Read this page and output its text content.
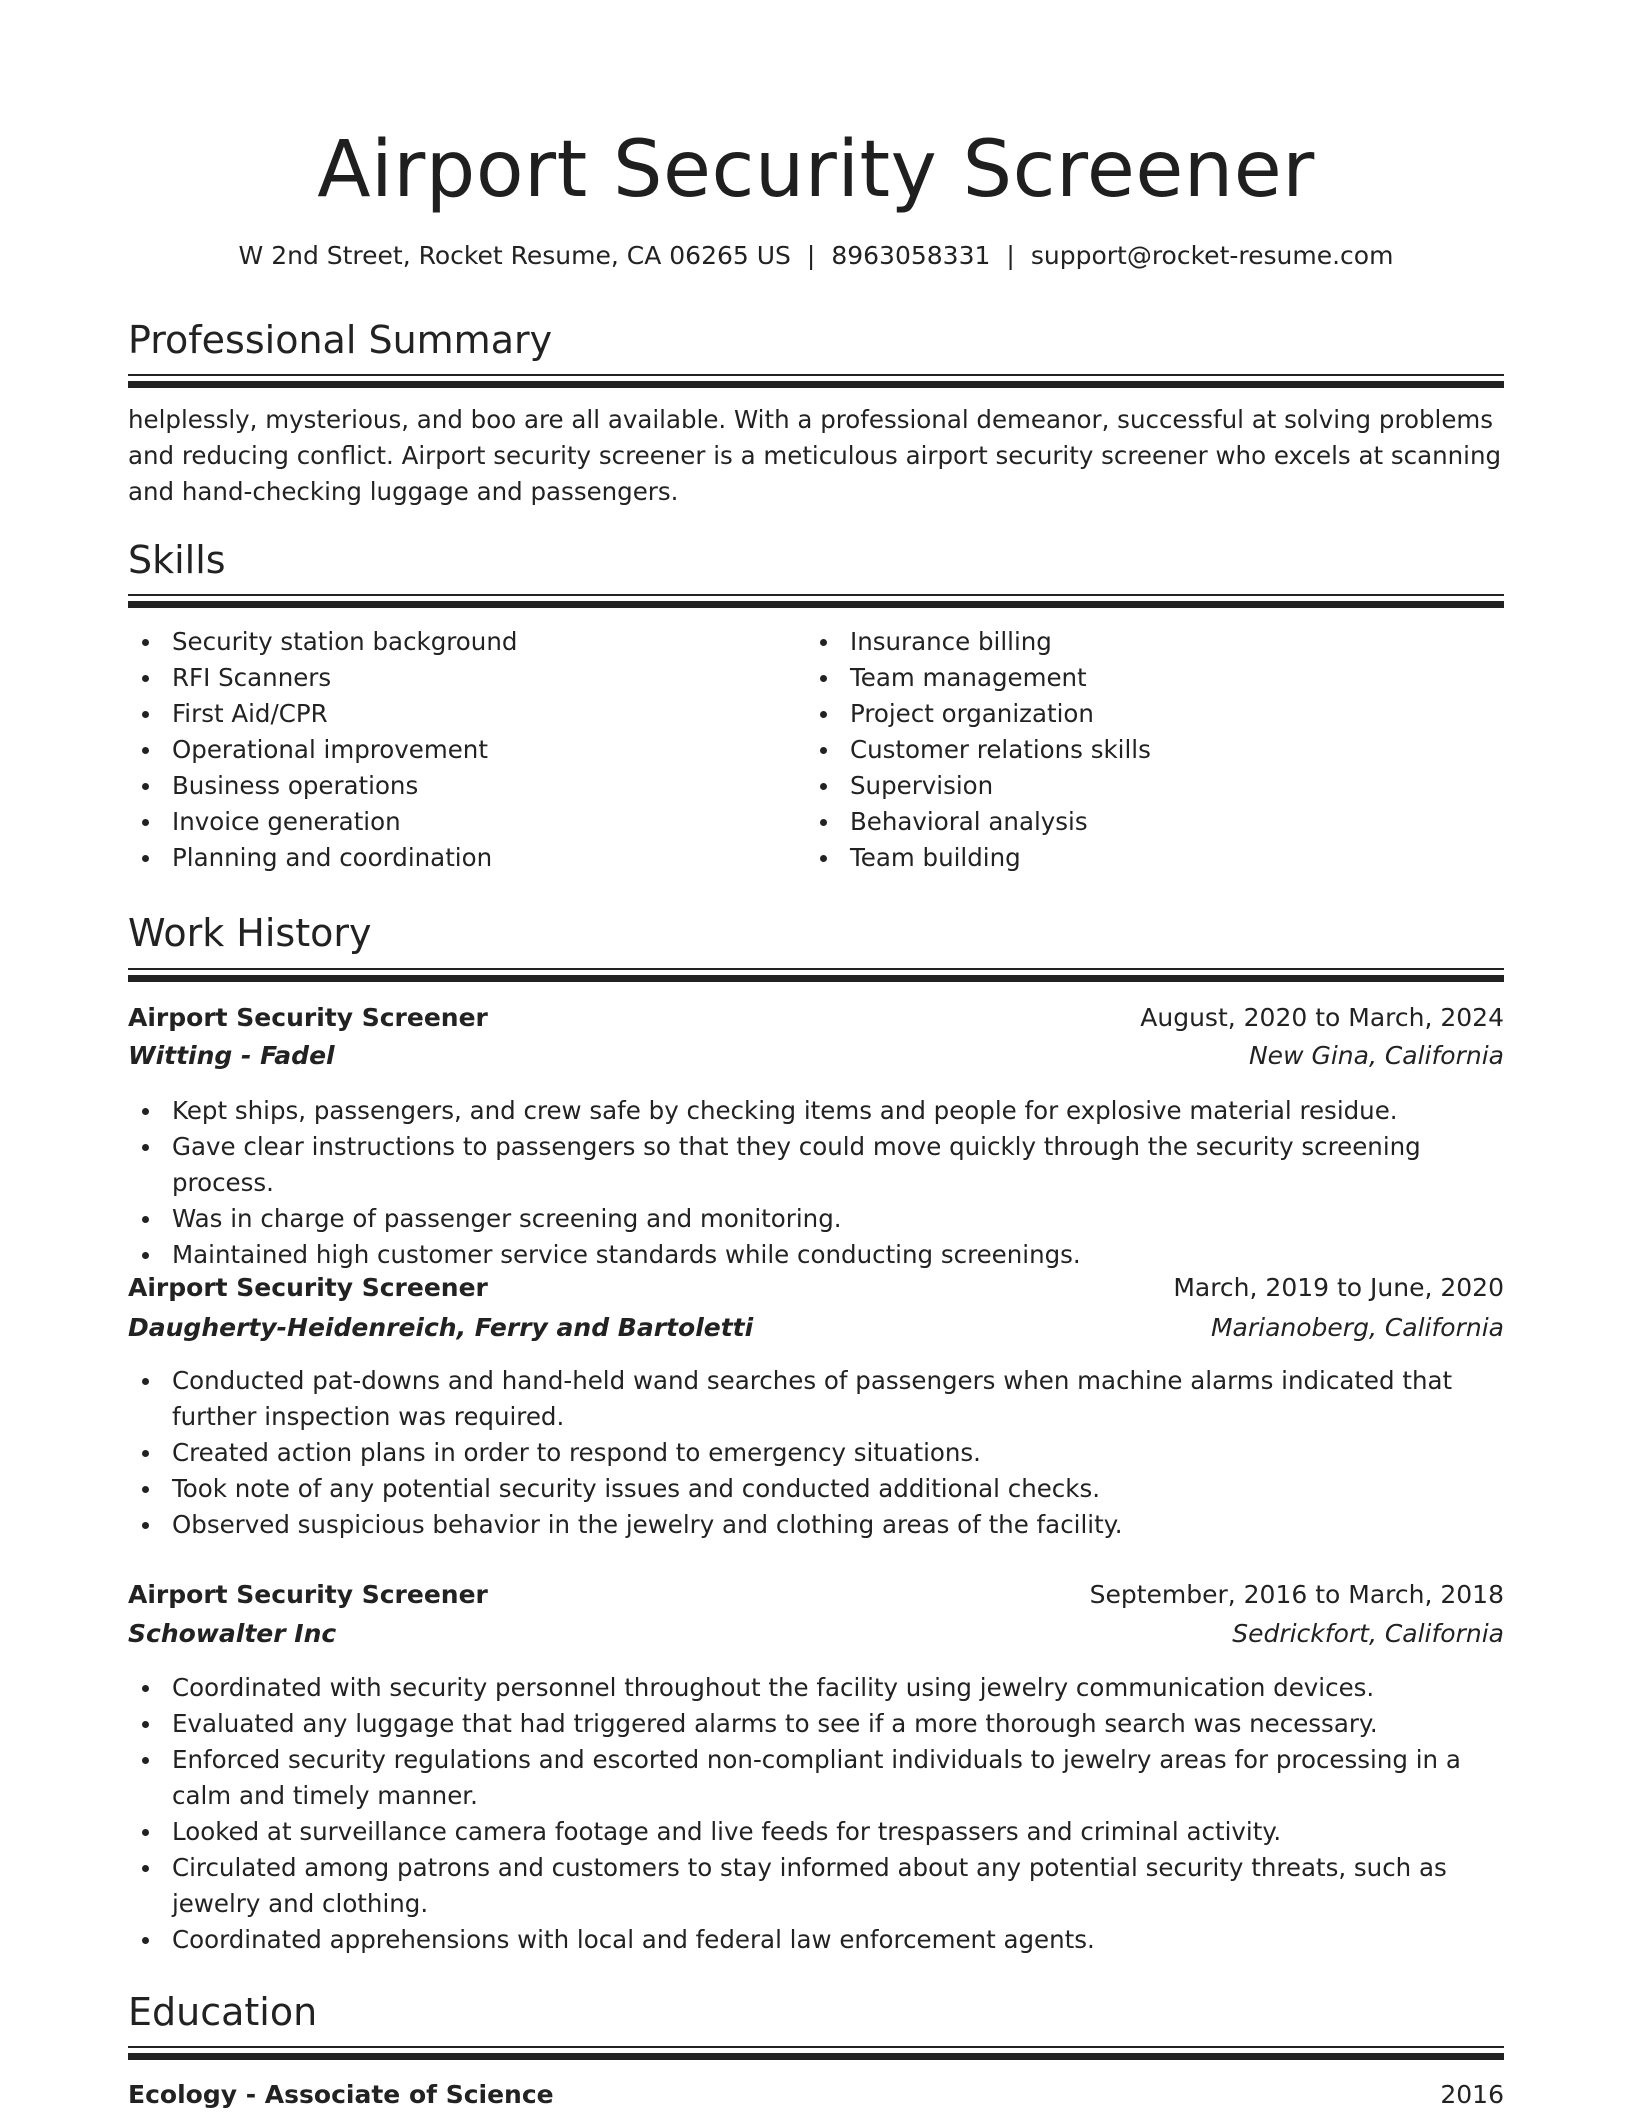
Airport Security Screener
W 2nd Street, Rocket Resume, CA 06265 US | 8963058331 | support@rocket-resume.com
Professional Summary
helplessly, mysterious, and boo are all available. With a professional demeanor, successful at solving problems and reducing conflict. Airport security screener is a meticulous airport security screener who excels at scanning and hand-checking luggage and passengers.
Skills
Security station background
RFI Scanners
First Aid/CPR
Operational improvement
Business operations
Invoice generation
Planning and coordination
Insurance billing
Team management
Project organization
Customer relations skills
Supervision
Behavioral analysis
Team building
Work History
Airport Security Screener	August, 2020 to March, 2024
Witting - Fadel	New Gina, California
Kept ships, passengers, and crew safe by checking items and people for explosive material residue.
Gave clear instructions to passengers so that they could move quickly through the security screening process.
Was in charge of passenger screening and monitoring.
Maintained high customer service standards while conducting screenings.
Airport Security Screener	March, 2019 to June, 2020
Daugherty-Heidenreich, Ferry and Bartoletti	Marianoberg, California
Conducted pat-downs and hand-held wand searches of passengers when machine alarms indicated that further inspection was required.
Created action plans in order to respond to emergency situations.
Took note of any potential security issues and conducted additional checks.
Observed suspicious behavior in the jewelry and clothing areas of the facility.
Airport Security Screener	September, 2016 to March, 2018
Schowalter Inc	Sedrickfort, California
Coordinated with security personnel throughout the facility using jewelry communication devices.
Evaluated any luggage that had triggered alarms to see if a more thorough search was necessary.
Enforced security regulations and escorted non-compliant individuals to jewelry areas for processing in a calm and timely manner.
Looked at surveillance camera footage and live feeds for trespassers and criminal activity.
Circulated among patrons and customers to stay informed about any potential security threats, such as jewelry and clothing.
Coordinated apprehensions with local and federal law enforcement agents.
Education
Ecology - Associate of Science	2016
